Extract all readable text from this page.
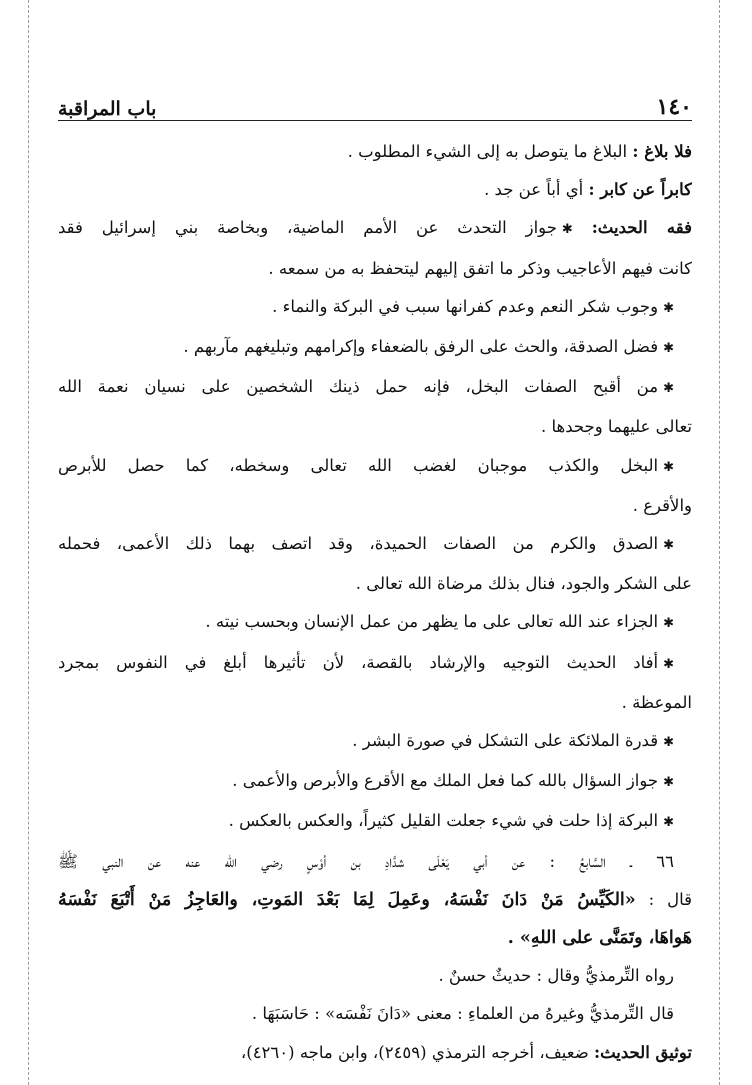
١٤٠
باب المراقبة

فلا بلاغ : البلاغ ما يتوصل به إلى الشيء المطلوب .

كابراً عن كابر : أي أباً عن جد .

فقه الحديث: ✱جواز التحدث عن الأمم الماضية، وبخاصة بني إسرائيل فقد

كانت فيهم الأعاجيب وذكر ما اتفق إليهم ليتحفظ به من سمعه .

✱وجوب شكر النعم وعدم كفرانها سبب في البركة والنماء .

✱فضل الصدقة، والحث على الرفق بالضعفاء وإكرامهم وتبليغهم مآربهم .

✱من أقبح الصفات البخل، فإنه حمل ذينك الشخصين على نسيان نعمة الله

تعالى عليهما وجحدها .

✱البخل والكذب موجبان لغضب الله تعالى وسخطه، كما حصل للأبرص

والأقرع .

✱الصدق والكرم من الصفات الحميدة، وقد اتصف بهما ذلك الأعمى، فحمله

على الشكر والجود، فنال بذلك مرضاة الله تعالى .

✱الجزاء عند الله تعالى على ما يظهر من عمل الإنسان وبحسب نيته .

✱أفاد الحديث التوجيه والإرشاد بالقصة، لأن تأثيرها أبلغ في النفوس بمجرد

الموعظة .

✱قدرة الملائكة على التشكل في صورة البشر .

✱جواز السؤال بالله كما فعل الملك مع الأقرع والأبرص والأعمى .

✱البركة إذا حلت في شيء جعلت القليل كثيراً، والعكس بالعكس .

٦٦ ـ السَّابعُ : عن أبي يَعْلَى شدَّادِ بن أوْسٍ رضي الله عنه عن النبي ﷺ

قال : «الكَيِّسُ مَنْ دَانَ نَفْسَهُ، وعَمِلَ لِمَا بَعْدَ المَوتِ، والعَاجِزُ مَنْ أَتْبَعَ نَفْسَهُ

هَواهَا، وتَمَنَّى على اللهِ» .

رواه التِّرمذيُّ وقال : حديثٌ حسنٌ .

قال التِّرمذيُّ وغيرهُ من العلماءِ : معنى «دَانَ نَفْسَه» : حَاسَبَهَا .

توثيق الحديث: ضعيف، أخرجه الترمذي (٢٤٥٩)، وابن ماجه (٤٢٦٠)،
